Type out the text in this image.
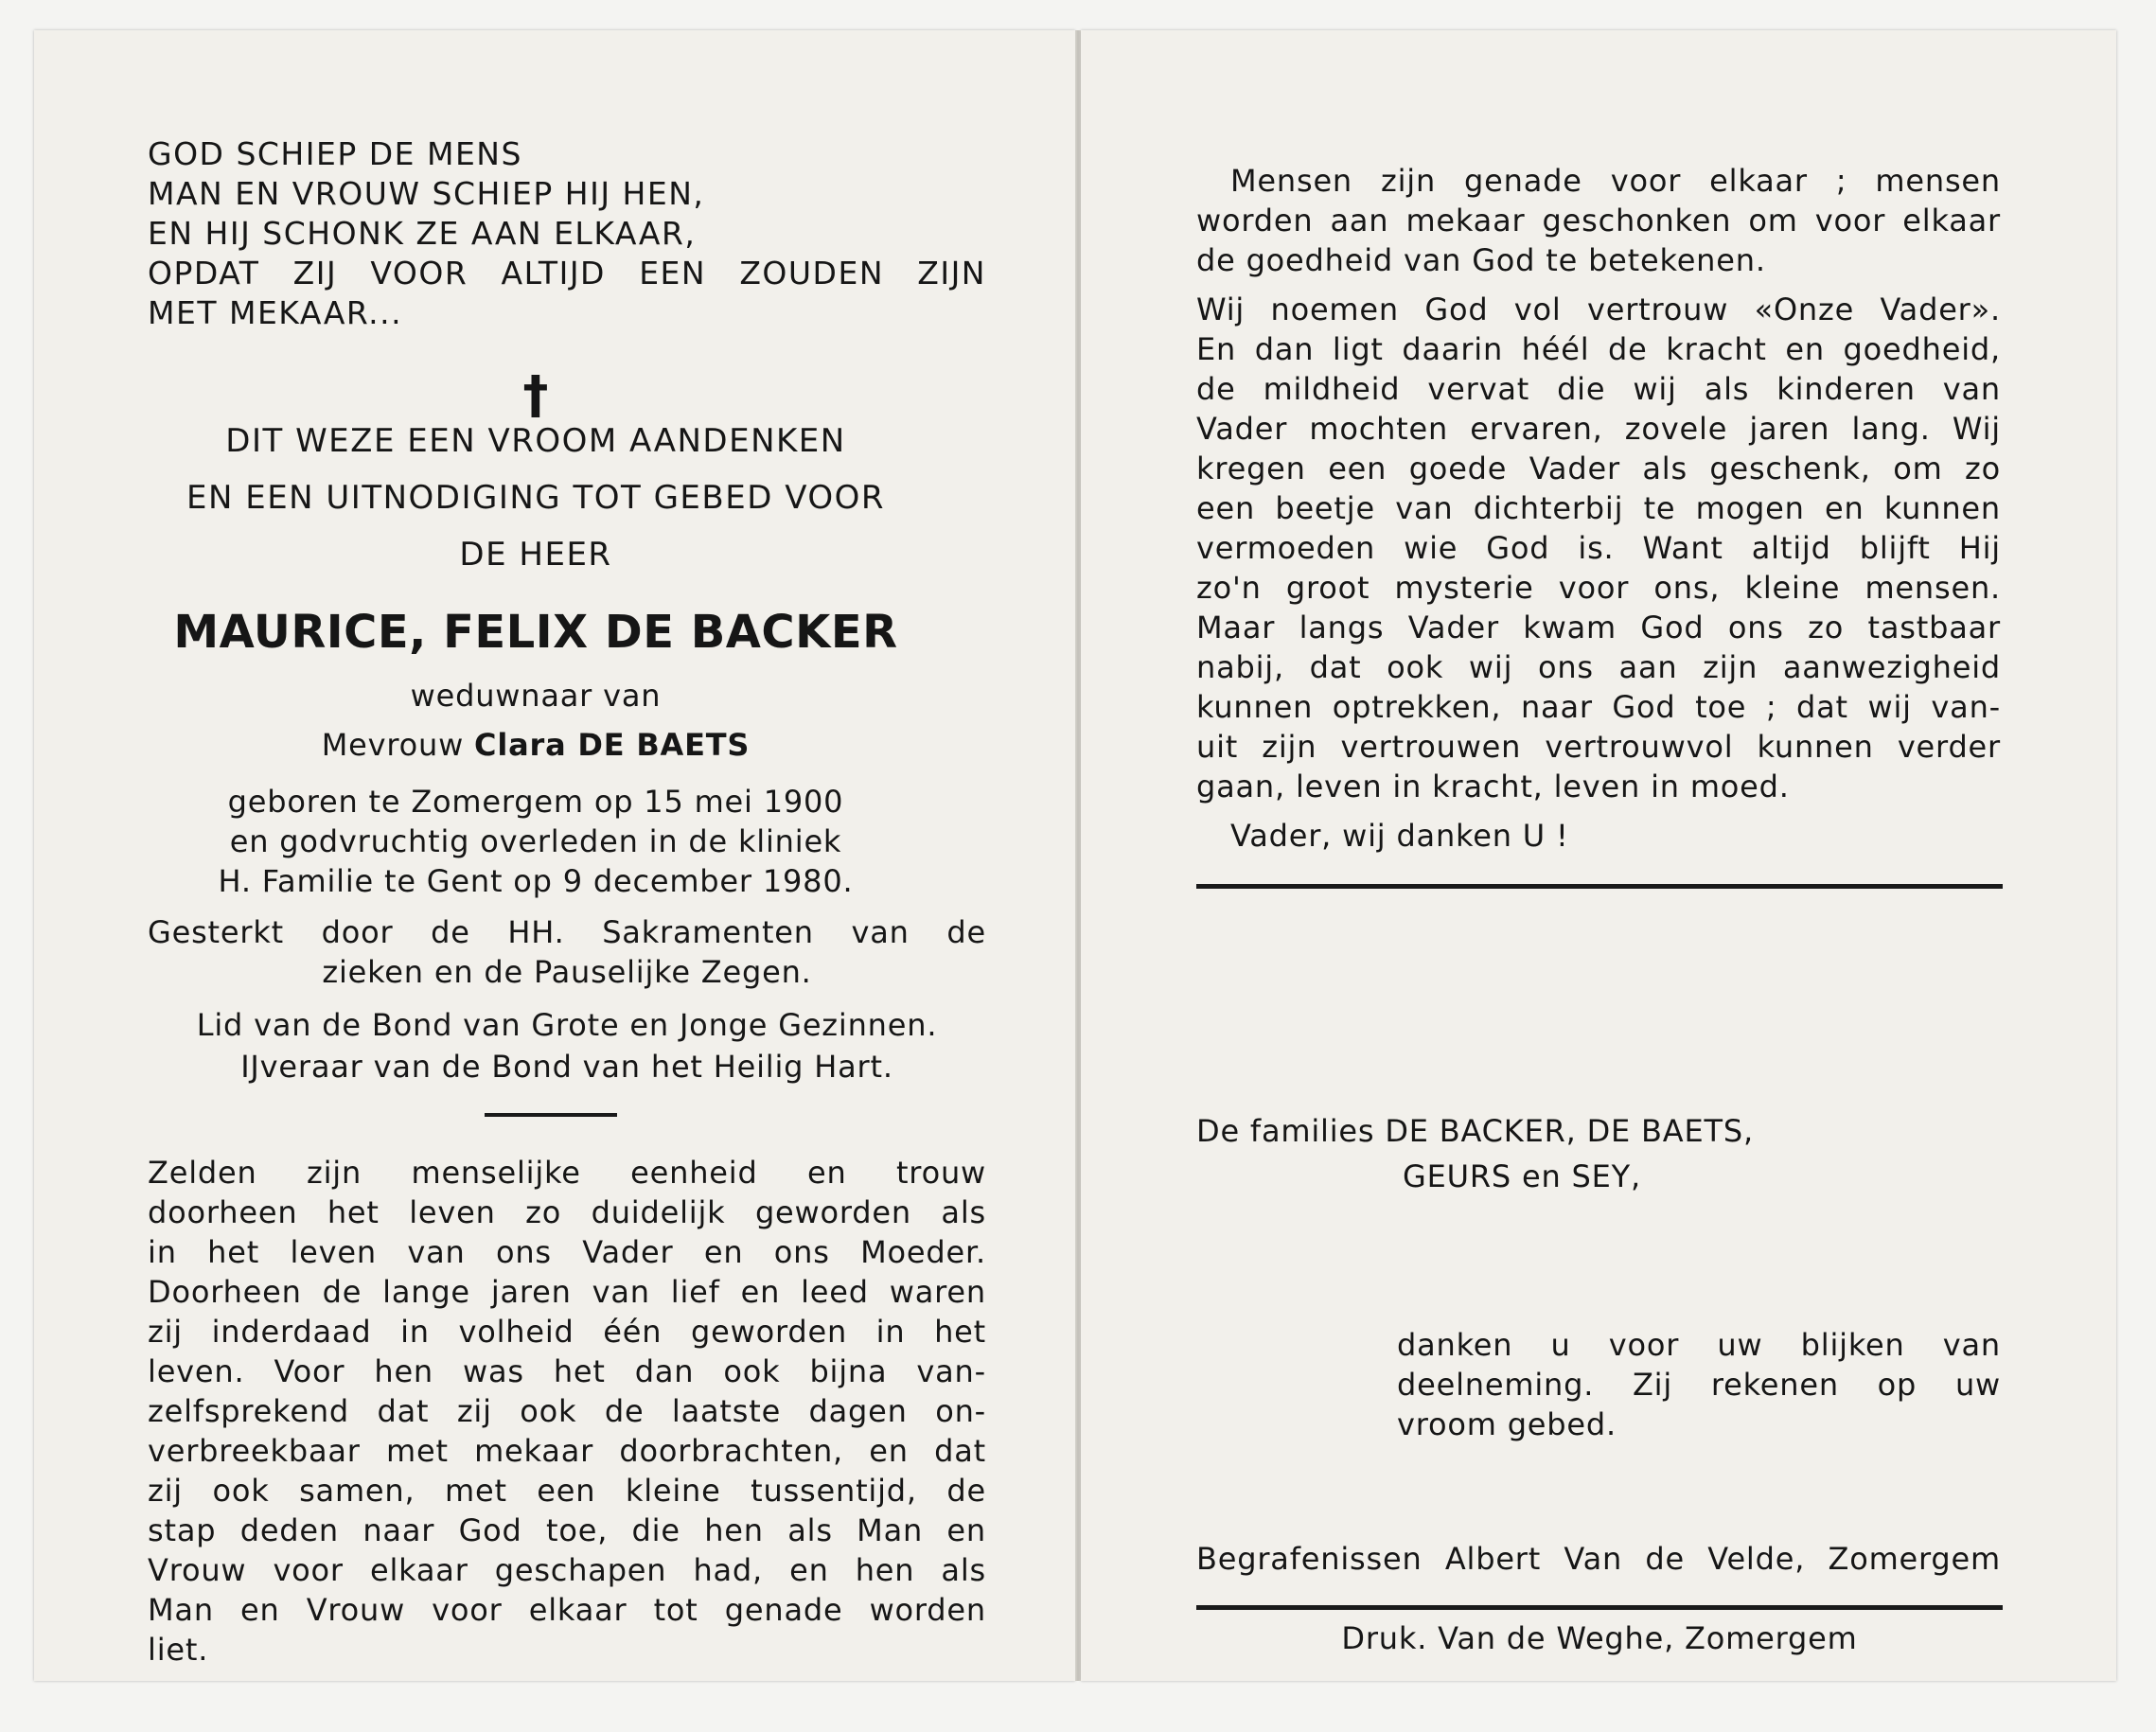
GOD SCHIEP DE MENS
MAN EN VROUW SCHIEP HIJ HEN,
EN HIJ SCHONK ZE AAN ELKAAR,
OPDAT ZIJ VOOR ALTIJD EEN ZOUDEN ZIJN
MET MEKAAR...
†
DIT WEZE EEN VROOM AANDENKEN
EN EEN UITNODIGING TOT GEBED VOOR
DE HEER
MAURICE, FELIX DE BACKER
weduwnaar van
Mevrouw Clara DE BAETS
geboren te Zomergem op 15 mei 1900
en godvruchtig overleden in de kliniek
H. Familie te Gent op 9 december 1980.
Gesterkt door de HH. Sakramenten van de
zieken en de Pauselijke Zegen.
Lid van de Bond van Grote en Jonge Gezinnen.
IJveraar van de Bond van het Heilig Hart.
Zelden zijn menselijke eenheid en trouw
doorheen het leven zo duidelijk geworden als
in het leven van ons Vader en ons Moeder.
Doorheen de lange jaren van lief en leed waren
zij inderdaad in volheid één geworden in het
leven. Voor hen was het dan ook bijna van-
zelfsprekend dat zij ook de laatste dagen on-
verbreekbaar met mekaar doorbrachten, en dat
zij ook samen, met een kleine tussentijd, de
stap deden naar God toe, die hen als Man en
Vrouw voor elkaar geschapen had, en hen als
Man en Vrouw voor elkaar tot genade worden
liet.
Mensen zijn genade voor elkaar ; mensen
worden aan mekaar geschonken om voor elkaar
de goedheid van God te betekenen.
Wij noemen God vol vertrouw «Onze Vader».
En dan ligt daarin héél de kracht en goedheid,
de mildheid vervat die wij als kinderen van
Vader mochten ervaren, zovele jaren lang. Wij
kregen een goede Vader als geschenk, om zo
een beetje van dichterbij te mogen en kunnen
vermoeden wie God is. Want altijd blijft Hij
zo'n groot mysterie voor ons, kleine mensen.
Maar langs Vader kwam God ons zo tastbaar
nabij, dat ook wij ons aan zijn aanwezigheid
kunnen optrekken, naar God toe ; dat wij van-
uit zijn vertrouwen vertrouwvol kunnen verder
gaan, leven in kracht, leven in moed.
Vader, wij danken U !
De families DE BACKER, DE BAETS,
GEURS en SEY,
danken u voor uw blijken van
deelneming. Zij rekenen op uw
vroom gebed.
Begrafenissen Albert Van de Velde, Zomergem
Druk. Van de Weghe, Zomergem
